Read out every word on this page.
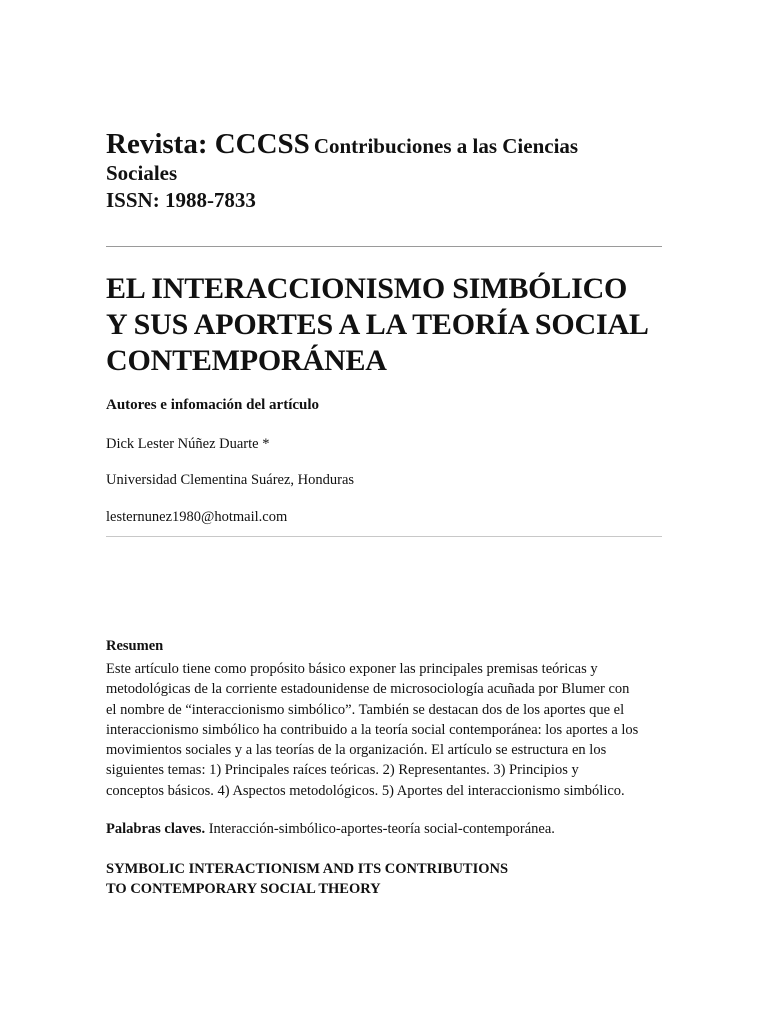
Revista: CCCSS Contribuciones a las Ciencias
Sociales
ISSN: 1988-7833
EL INTERACCIONISMO SIMBÓLICO
Y SUS APORTES A LA TEORÍA SOCIAL
CONTEMPORÁNEA

Autores e infomación del artículo

Dick Lester Núñez Duarte *

Universidad Clementina Suárez, Honduras

lesternunez1980@hotmail.com

Resumen

Este artículo tiene como propósito básico exponer las principales premisas teóricas y
metodológicas de la corriente estadounidense de microsociología acuñada por Blumer con
el nombre de “interaccionismo simbólico”. También se destacan dos de los aportes que el
interaccionismo simbólico ha contribuido a la teoría social contemporánea: los aportes a los
movimientos sociales y a las teorías de la organización. El artículo se estructura en los
siguientes temas: 1) Principales raíces teóricas. 2) Representantes. 3) Principios y
conceptos básicos. 4) Aspectos metodológicos. 5) Aportes del interaccionismo simbólico.

Palabras claves. Interacción-simbólico-aportes-teoría social-contemporánea.

SYMBOLIC INTERACTIONISM AND ITS CONTRIBUTIONS
TO CONTEMPORARY SOCIAL THEORY
